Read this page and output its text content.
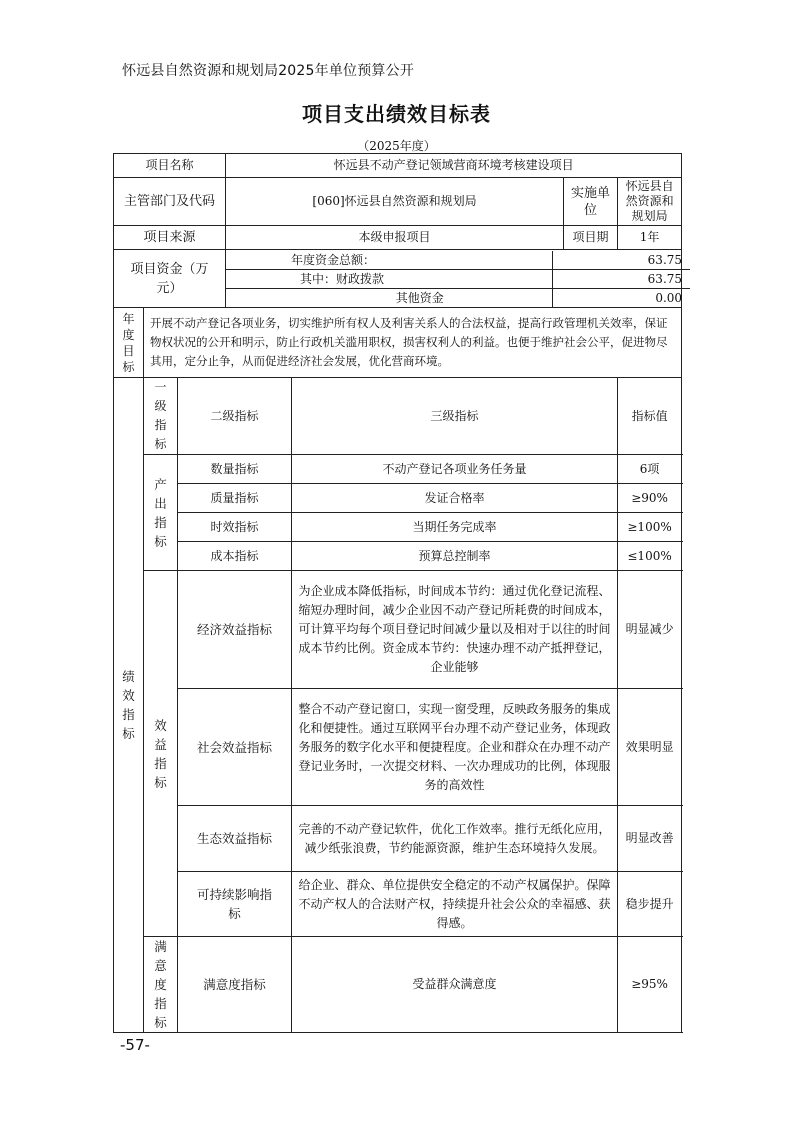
怀远县自然资源和规划局2025年单位预算公开
项目支出绩效目标表
（2025年度）
项目名称	怀远县不动产登记领域营商环境考核建设项目
主管部门及代码	[060]怀远县自然资源和规划局	实施单位	怀远县自然资源和规划局
项目来源	本级申报项目	项目期	1年
项目资金（万元）	
	年度资金总额：	63.75
	其中：财政拨款	63.75
	其他资金	0.00

年度目标	开展不动产登记各项业务，切实维护所有权人及利害关系人的合法权益，提高行政管理机关效率，保证物权状况的公开和明示，防止行政机关滥用职权，损害权利人的利益。也便于维护社会公平，促进物尽其用，定分止争，从而促进经济社会发展，优化营商环境。
绩效指标	一级指标	二级指标	三级指标	指标值
产出指标	数量指标	不动产登记各项业务任务量	6项
质量指标	发证合格率	≥90%
时效指标	当期任务完成率	≥100%
成本指标	预算总控制率	≤100%
效益指标	经济效益指标	为企业成本降低指标，时间成本节约：通过优化登记流程、缩短办理时间，减少企业因不动产登记所耗费的时间成本，可计算平均每个项目登记时间减少量以及相对于以往的时间成本节约比例。资金成本节约：快速办理不动产抵押登记，企业能够	明显减少
社会效益指标	整合不动产登记窗口，实现一窗受理，反映政务服务的集成化和便捷性。通过互联网平台办理不动产登记业务，体现政务服务的数字化水平和便捷程度。企业和群众在办理不动产登记业务时，一次提交材料、一次办理成功的比例，体现服务的高效性	效果明显
生态效益指标	完善的不动产登记软件，优化工作效率。推行无纸化应用，减少纸张浪费，节约能源资源，维护生态环境持久发展。	明显改善
可持续影响指标	给企业、群众、单位提供安全稳定的不动产权属保护。保障不动产权人的合法财产权，持续提升社会公众的幸福感、获得感。	稳步提升
满意度指标	满意度指标	受益群众满意度	≥95%
-57-
